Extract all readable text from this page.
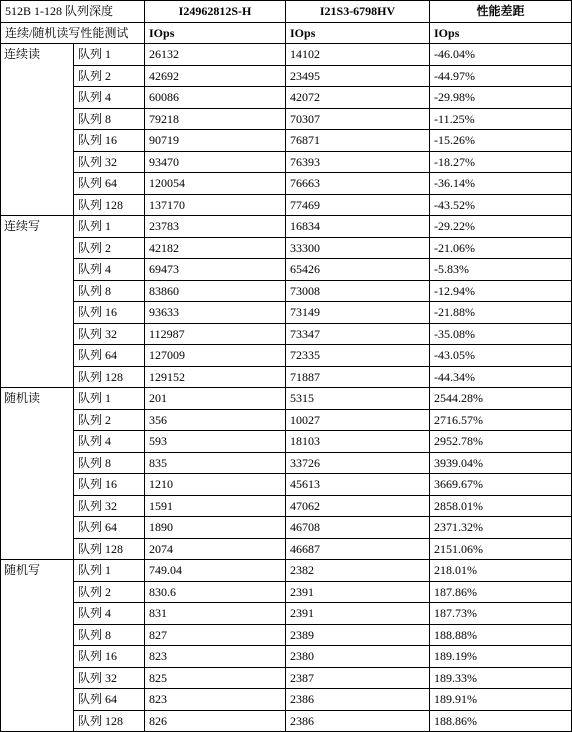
512B 1-128 队列深度		I24962812S-H	I21S3-6798HV	性能差距
连续/随机读写性能测试		IOps	IOps	IOps
连续读	队列 1	26132	14102	-46.04%
	队列 2	42692	23495	-44.97%
	队列 4	60086	42072	-29.98%
	队列 8	79218	70307	-11.25%
	队列 16	90719	76871	-15.26%
	队列 32	93470	76393	-18.27%
	队列 64	120054	76663	-36.14%
	队列 128	137170	77469	-43.52%
连续写	队列 1	23783	16834	-29.22%
	队列 2	42182	33300	-21.06%
	队列 4	69473	65426	-5.83%
	队列 8	83860	73008	-12.94%
	队列 16	93633	73149	-21.88%
	队列 32	112987	73347	-35.08%
	队列 64	127009	72335	-43.05%
	队列 128	129152	71887	-44.34%
随机读	队列 1	201	5315	2544.28%
	队列 2	356	10027	2716.57%
	队列 4	593	18103	2952.78%
	队列 8	835	33726	3939.04%
	队列 16	1210	45613	3669.67%
	队列 32	1591	47062	2858.01%
	队列 64	1890	46708	2371.32%
	队列 128	2074	46687	2151.06%
随机写	队列 1	749.04	2382	218.01%
	队列 2	830.6	2391	187.86%
	队列 4	831	2391	187.73%
	队列 8	827	2389	188.88%
	队列 16	823	2380	189.19%
	队列 32	825	2387	189.33%
	队列 64	823	2386	189.91%
	队列 128	826	2386	188.86%
